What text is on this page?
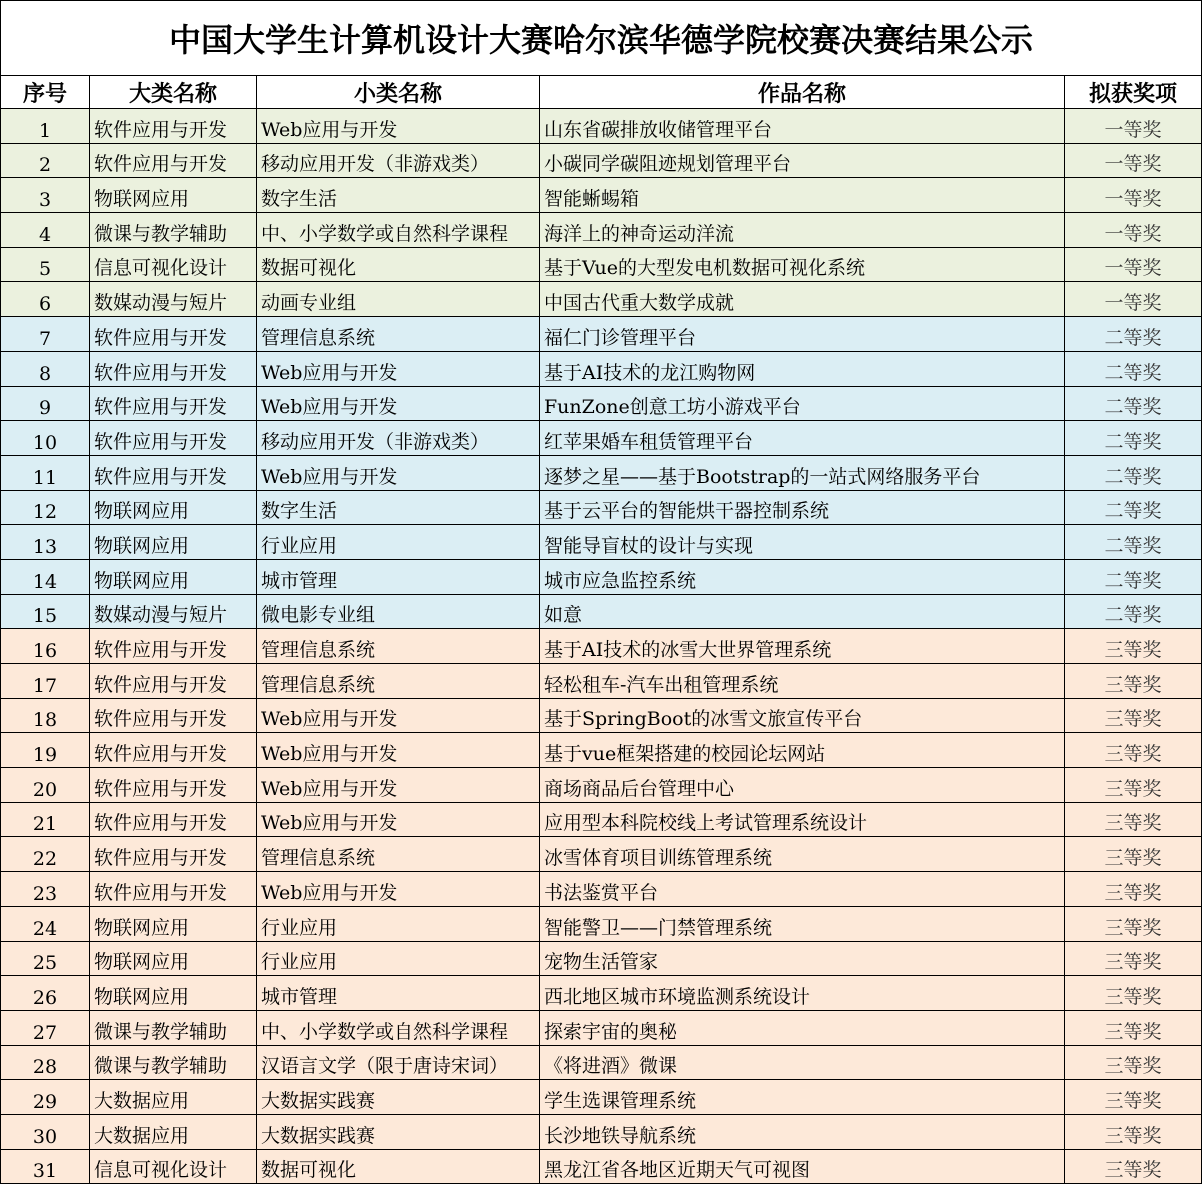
中国大学生计算机设计大赛哈尔滨华德学院校赛决赛结果公示				
序号	大类名称	小类名称	作品名称	拟获奖项
1	软件应用与开发	Web应用与开发	山东省碳排放收储管理平台	一等奖
2	软件应用与开发	移动应用开发（非游戏类）	小碳同学碳阻迹规划管理平台	一等奖
3	物联网应用	数字生活	智能蜥蜴箱	一等奖
4	微课与教学辅助	中、小学数学或自然科学课程	海洋上的神奇运动洋流	一等奖
5	信息可视化设计	数据可视化	基于Vue的大型发电机数据可视化系统	一等奖
6	数媒动漫与短片	动画专业组	中国古代重大数学成就	一等奖
7	软件应用与开发	管理信息系统	福仁门诊管理平台	二等奖
8	软件应用与开发	Web应用与开发	基于AI技术的龙江购物网	二等奖
9	软件应用与开发	Web应用与开发	FunZone创意工坊小游戏平台	二等奖
10	软件应用与开发	移动应用开发（非游戏类）	红苹果婚车租赁管理平台	二等奖
11	软件应用与开发	Web应用与开发	逐梦之星——基于Bootstrap的一站式网络服务平台	二等奖
12	物联网应用	数字生活	基于云平台的智能烘干器控制系统	二等奖
13	物联网应用	行业应用	智能导盲杖的设计与实现	二等奖
14	物联网应用	城市管理	城市应急监控系统	二等奖
15	数媒动漫与短片	微电影专业组	如意	二等奖
16	软件应用与开发	管理信息系统	基于AI技术的冰雪大世界管理系统	三等奖
17	软件应用与开发	管理信息系统	轻松租车-汽车出租管理系统	三等奖
18	软件应用与开发	Web应用与开发	基于SpringBoot的冰雪文旅宣传平台	三等奖
19	软件应用与开发	Web应用与开发	基于vue框架搭建的校园论坛网站	三等奖
20	软件应用与开发	Web应用与开发	商场商品后台管理中心	三等奖
21	软件应用与开发	Web应用与开发	应用型本科院校线上考试管理系统设计	三等奖
22	软件应用与开发	管理信息系统	冰雪体育项目训练管理系统	三等奖
23	软件应用与开发	Web应用与开发	书法鉴赏平台	三等奖
24	物联网应用	行业应用	智能警卫——门禁管理系统	三等奖
25	物联网应用	行业应用	宠物生活管家	三等奖
26	物联网应用	城市管理	西北地区城市环境监测系统设计	三等奖
27	微课与教学辅助	中、小学数学或自然科学课程	探索宇宙的奥秘	三等奖
28	微课与教学辅助	汉语言文学（限于唐诗宋词）	《将进酒》微课	三等奖
29	大数据应用	大数据实践赛	学生选课管理系统	三等奖
30	大数据应用	大数据实践赛	长沙地铁导航系统	三等奖
31	信息可视化设计	数据可视化	黑龙江省各地区近期天气可视图	三等奖
